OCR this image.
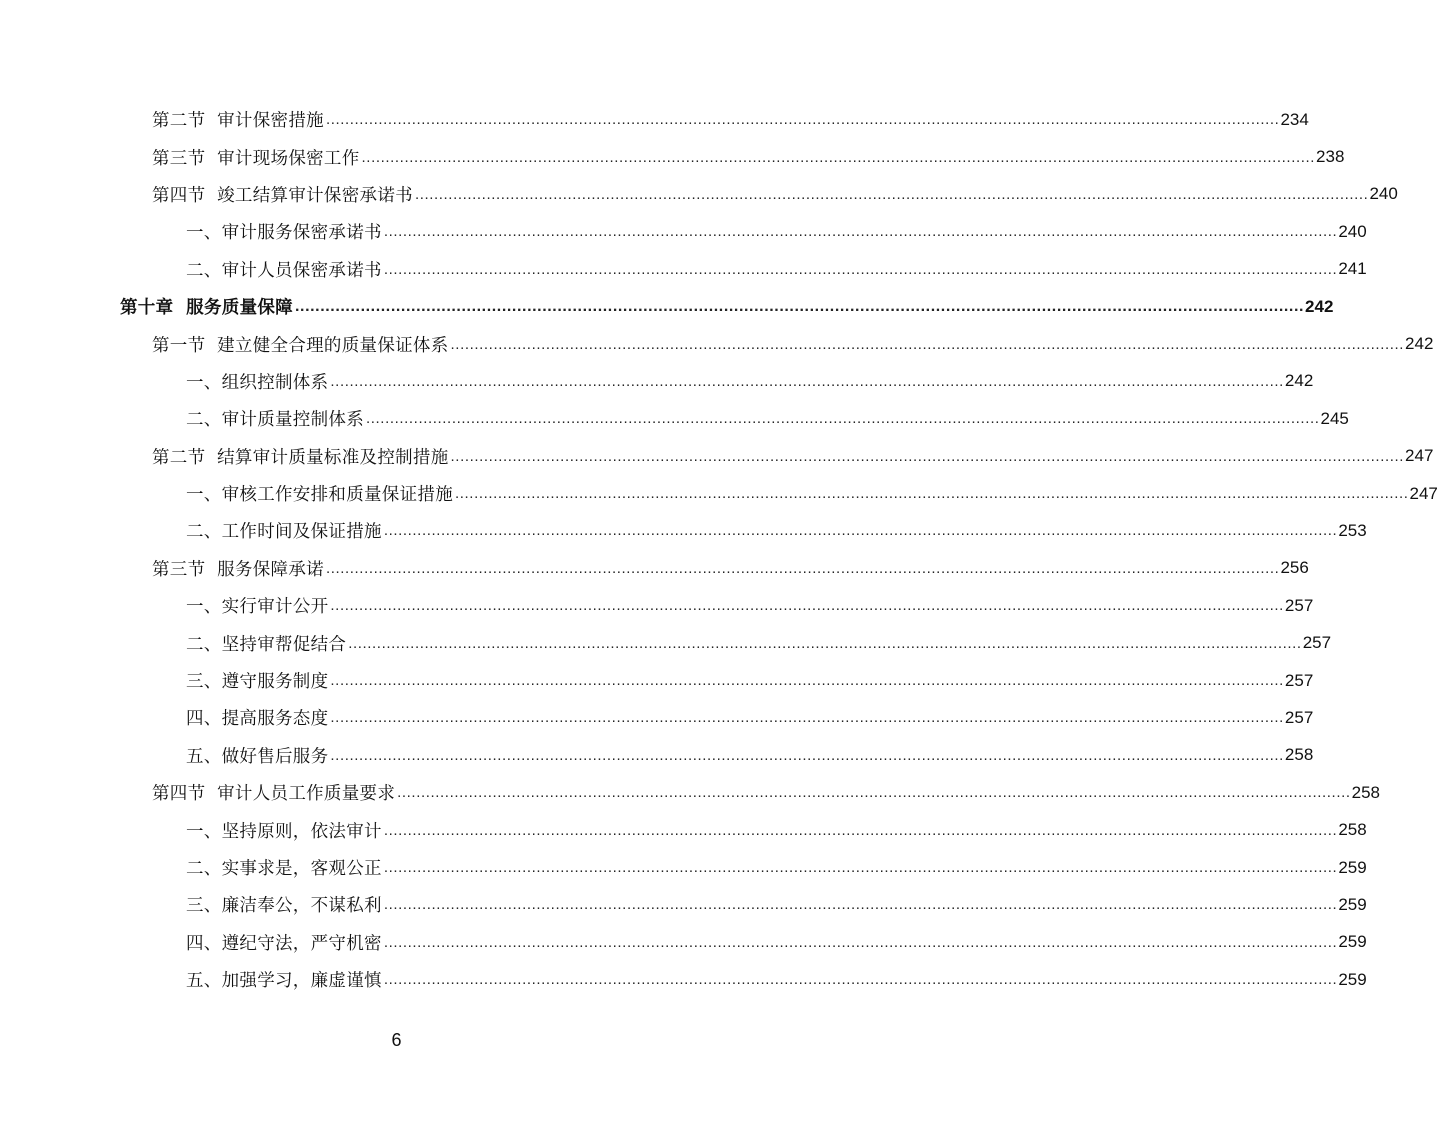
第二节  审计保密措施 ........................................................................................................................................................................................................ 234
第三节  审计现场保密工作 ........................................................................................................................................................................................................ 238
第四节  竣工结算审计保密承诺书 ........................................................................................................................................................................................................ 240
一、审计服务保密承诺书 ........................................................................................................................................................................................................ 240
二、审计人员保密承诺书 ........................................................................................................................................................................................................ 241
第十章  服务质量保障 ........................................................................................................................................................................................................ 242
第一节  建立健全合理的质量保证体系 ........................................................................................................................................................................................................ 242
一、组织控制体系 ........................................................................................................................................................................................................ 242
二、审计质量控制体系 ........................................................................................................................................................................................................ 245
第二节  结算审计质量标准及控制措施 ........................................................................................................................................................................................................ 247
一、审核工作安排和质量保证措施 ........................................................................................................................................................................................................ 247
二、工作时间及保证措施 ........................................................................................................................................................................................................ 253
第三节  服务保障承诺 ........................................................................................................................................................................................................ 256
一、实行审计公开 ........................................................................................................................................................................................................ 257
二、坚持审帮促结合 ........................................................................................................................................................................................................ 257
三、遵守服务制度 ........................................................................................................................................................................................................ 257
四、提高服务态度 ........................................................................................................................................................................................................ 257
五、做好售后服务 ........................................................................................................................................................................................................ 258
第四节  审计人员工作质量要求 ........................................................................................................................................................................................................ 258
一、坚持原则，依法审计 ........................................................................................................................................................................................................ 258
二、实事求是，客观公正 ........................................................................................................................................................................................................ 259
三、廉洁奉公，不谋私利 ........................................................................................................................................................................................................ 259
四、遵纪守法，严守机密 ........................................................................................................................................................................................................ 259
五、加强学习，廉虚谨慎 ........................................................................................................................................................................................................ 259
6
